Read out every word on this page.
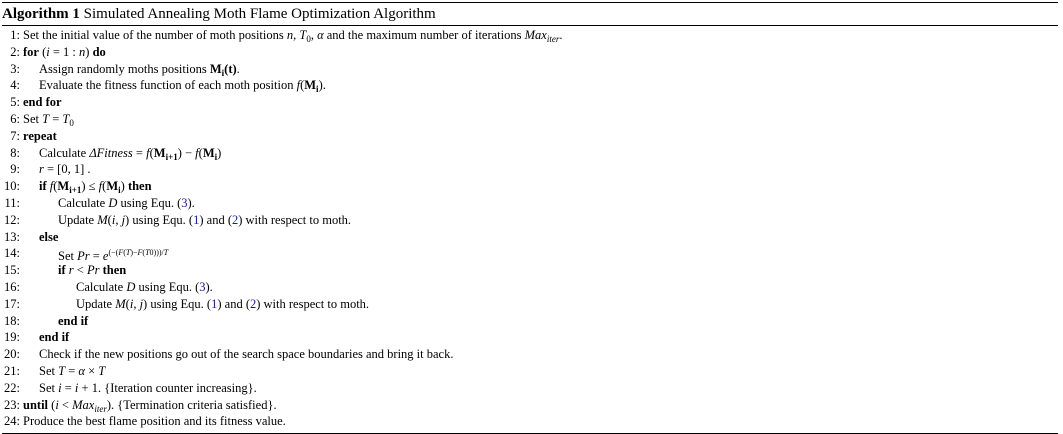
Algorithm 1 Simulated Annealing Moth Flame Optimization Algorithm
1: Set the initial value of the number of moth positions n, $T_0$, α and the maximum number of iterations Max$_{iter}$.
2: for (i = 1 : n) do
3: Assign randomly moths positions $M_i(t)$.
4: Evaluate the fitness function of each moth position $f(M_i)$.
5: end for
6: Set $T = T_0$
7: repeat
8: Calculate ΔFitness = $f(M_{i+1}) - f(M_i)$
9: r = [0, 1] .
10: if $f(M_{i+1}) \le f(M_i)$ then
11:	Calculate D using Equ. (3).
12:	Update M(i, j) using Equ. (1) and (2) with respect to moth.
13: else
14:	Set $Pr = e^{(-(F(T)-F(T0)))/T}$
15:	if r < Pr then
16:	Calculate D using Equ. (3).
17:	Update M(i, j) using Equ. (1) and (2) with respect to moth.
18:	end if
19: end if
20: Check if the new positions go out of the search space boundaries and bring it back.
21: Set T = α × T
22: Set i = i + 1. {Iteration counter increasing}.
23: until (i < Max$_{iter}$). {Termination criteria satisfied}.
24: Produce the best flame position and its fitness value.
